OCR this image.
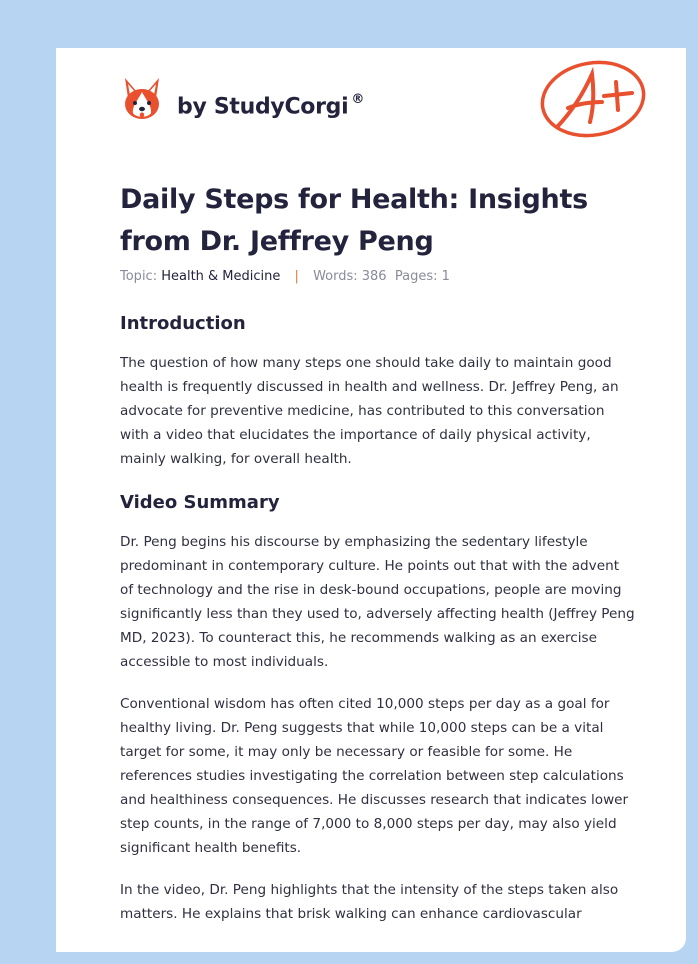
by StudyCorgi ®
Daily Steps for Health: Insights from Dr. Jeffrey Peng
Topic: Health & Medicine | Words: 386 Pages: 1
Introduction

The question of how many steps one should take daily to maintain good health is frequently discussed in health and wellness. Dr. Jeffrey Peng, an advocate for preventive medicine, has contributed to this conversation with a video that elucidates the importance of daily physical activity, mainly walking, for overall health.

Video Summary

Dr. Peng begins his discourse by emphasizing the sedentary lifestyle predominant in contemporary culture. He points out that with the advent of technology and the rise in desk-bound occupations, people are moving significantly less than they used to, adversely affecting health (Jeffrey Peng MD, 2023). To counteract this, he recommends walking as an exercise accessible to most individuals.

Conventional wisdom has often cited 10,000 steps per day as a goal for healthy living. Dr. Peng suggests that while 10,000 steps can be a vital target for some, it may only be necessary or feasible for some. He references studies investigating the correlation between step calculations and healthiness consequences. He discusses research that indicates lower step counts, in the range of 7,000 to 8,000 steps per day, may also yield significant health benefits.

In the video, Dr. Peng highlights that the intensity of the steps taken also matters. He explains that brisk walking can enhance cardiovascular
